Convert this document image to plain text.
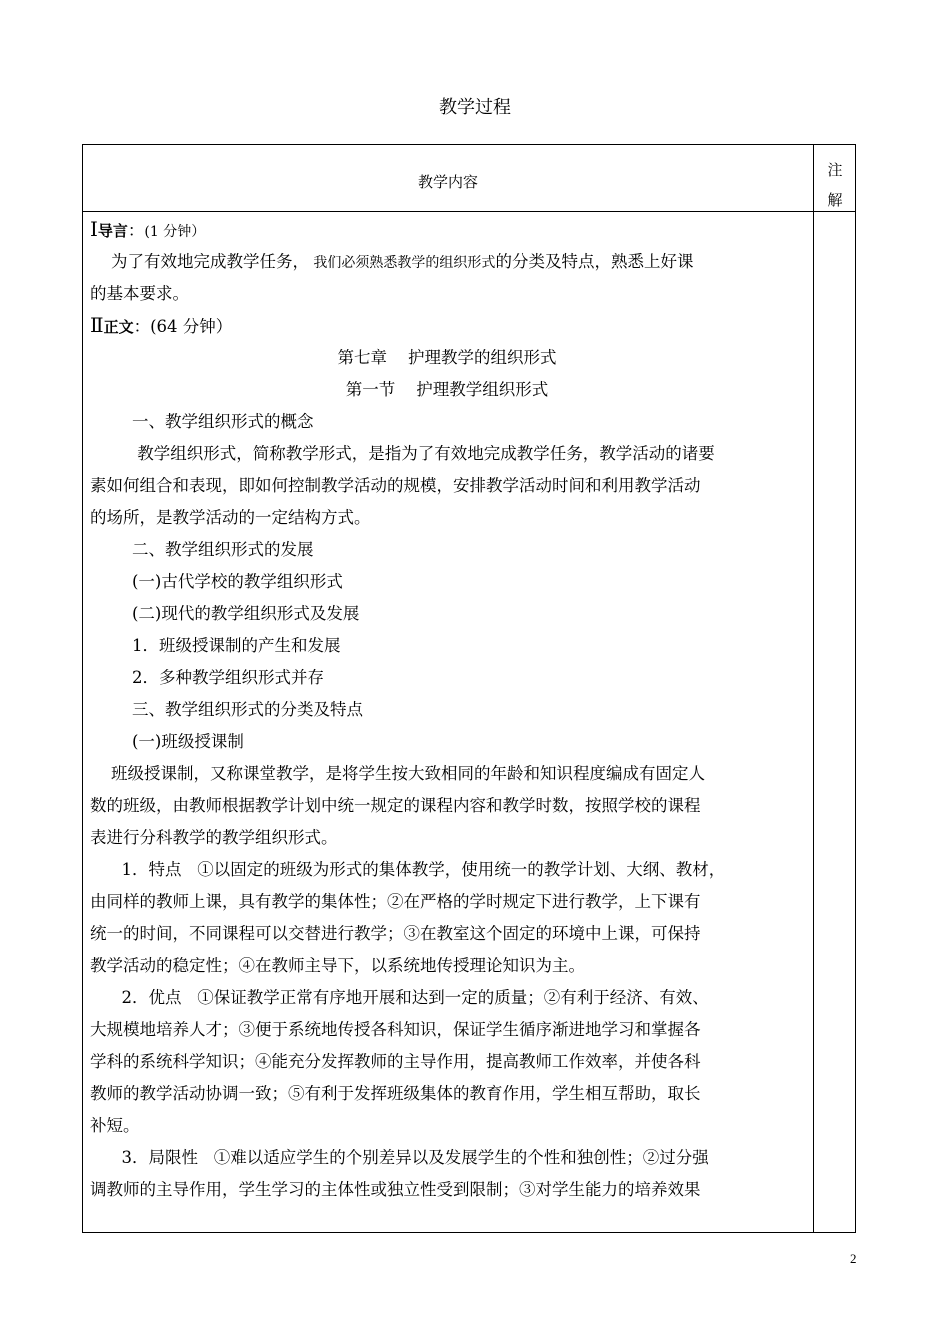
教学过程
教学内容
注
解
Ⅰ导言：(1 分钟）
为了有效地完成教学任务， 我们必须熟悉教学的组织形式的分类及特点，熟悉上好课
的基本要求。
Ⅱ正文：(64 分钟）
第七章    护理教学的组织形式
第一节    护理教学组织形式
一、教学组织形式的概念
教学组织形式，简称教学形式，是指为了有效地完成教学任务，教学活动的诸要
素如何组合和表现，即如何控制教学活动的规模，安排教学活动时间和利用教学活动
的场所，是教学活动的一定结构方式。
二、教学组织形式的发展
(一)古代学校的教学组织形式
(二)现代的教学组织形式及发展
1．班级授课制的产生和发展
2．多种教学组织形式并存
三、教学组织形式的分类及特点
(一)班级授课制
班级授课制，又称课堂教学，是将学生按大致相同的年龄和知识程度编成有固定人
数的班级，由教师根据教学计划中统一规定的课程内容和教学时数，按照学校的课程
表进行分科教学的教学组织形式。
1．特点   ①以固定的班级为形式的集体教学，使用统一的教学计划、大纲、教材，
由同样的教师上课，具有教学的集体性；②在严格的学时规定下进行教学，上下课有
统一的时间，不同课程可以交替进行教学；③在教室这个固定的环境中上课，可保持
教学活动的稳定性；④在教师主导下，以系统地传授理论知识为主。
2．优点   ①保证教学正常有序地开展和达到一定的质量；②有利于经济、有效、
大规模地培养人才；③便于系统地传授各科知识，保证学生循序渐进地学习和掌握各
学科的系统科学知识；④能充分发挥教师的主导作用，提高教师工作效率，并使各科
教师的教学活动协调一致；⑤有利于发挥班级集体的教育作用，学生相互帮助，取长
补短。
3．局限性   ①难以适应学生的个别差异以及发展学生的个性和独创性；②过分强
调教师的主导作用，学生学习的主体性或独立性受到限制；③对学生能力的培养效果
2
